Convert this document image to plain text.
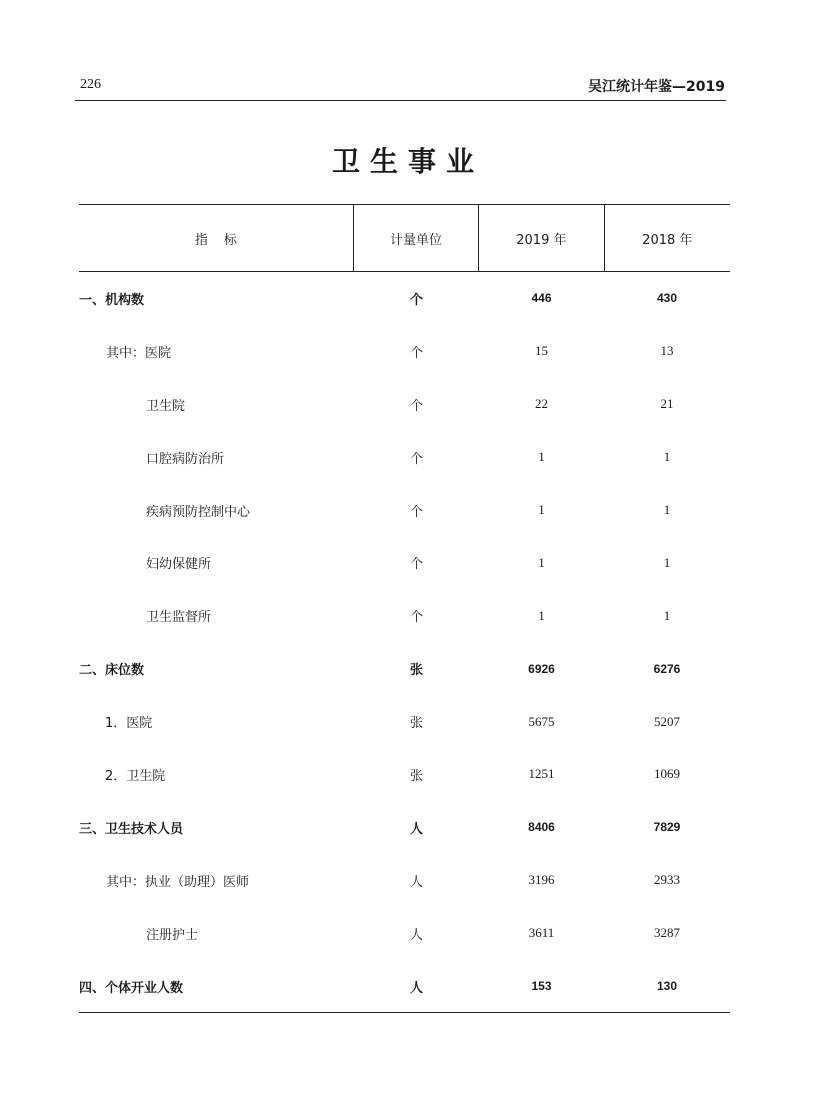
226	吴江统计年鉴—2019
卫生事业
指标	计量单位	2019 年	2018 年
一、机构数	个	446	430
其中：医院	个	15	13
卫生院	个	22	21
口腔病防治所	个	1	1
疾病预防控制中心	个	1	1
妇幼保健所	个	1	1
卫生监督所	个	1	1
二、床位数	张	6926	6276
1．医院	张	5675	5207
2．卫生院	张	1251	1069
三、卫生技术人员	人	8406	7829
其中：执业（助理）医师	人	3196	2933
注册护士	人	3611	3287
四、个体开业人数	人	153	130
